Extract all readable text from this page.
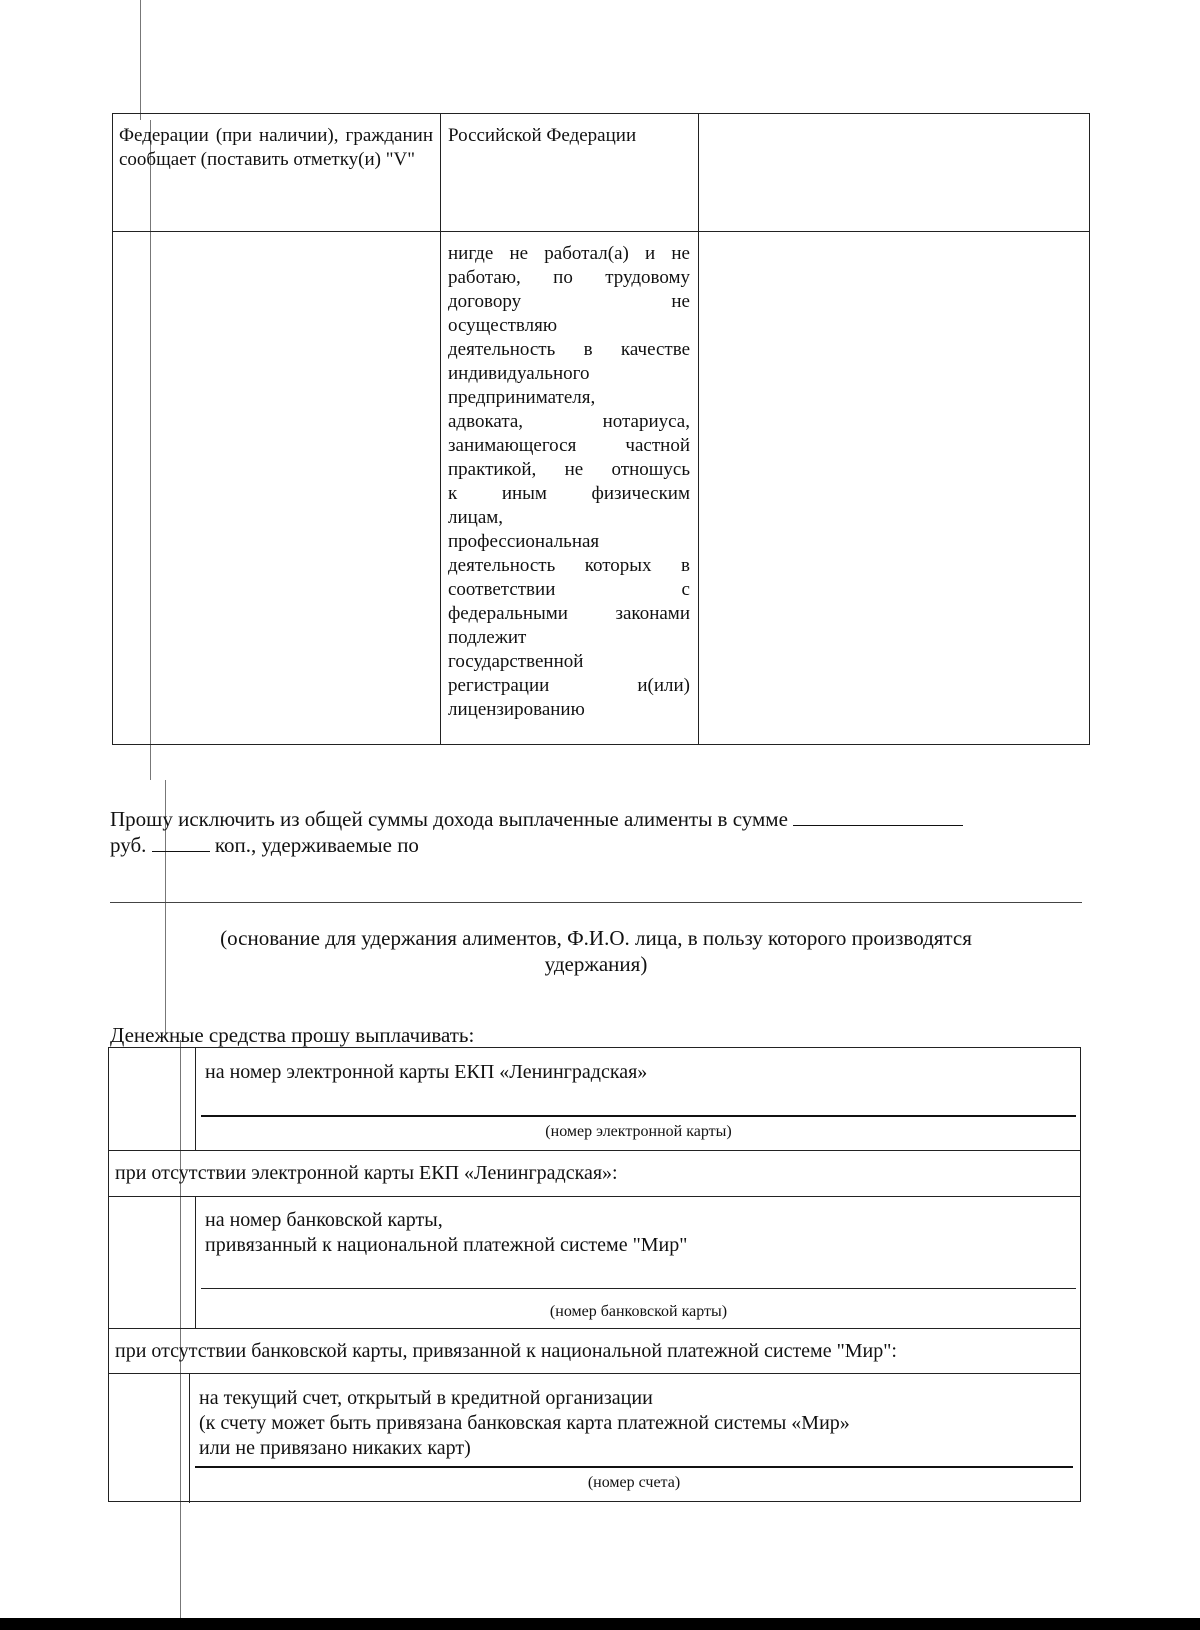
Федерации (при наличии), гражданин сообщает (поставить отметку(и) "V"
Российской Федерации
нигде не работал(а) и не
работаю, по трудовому
договору не
осуществляю
деятельность в качестве
индивидуального
предпринимателя,
адвоката, нотариуса,
занимающегося частной
практикой, не отношусь
к иным физическим
лицам,
профессиональная
деятельность которых в
соответствии с
федеральными законами
подлежит
государственной
регистрации и(или)
лицензированию
Прошу исключить из общей суммы дохода выплаченные алименты в сумме
руб.	коп., удерживаемые по
(основание для удержания алиментов, Ф.И.О. лица, в пользу которого производятся
удержания)
Денежные средства прошу выплачивать:
на номер электронной карты ЕКП «Ленинградская»
(номер электронной карты)
при отсутствии электронной карты ЕКП «Ленинградская»:
на номер банковской карты,
привязанный к национальной платежной системе "Мир"
(номер банковской карты)
при отсутствии банковской карты, привязанной к национальной платежной системе "Мир":
на текущий счет, открытый в кредитной организации
(к счету может быть привязана банковская карта платежной системы «Мир»
или не привязано никаких карт)
(номер счета)
